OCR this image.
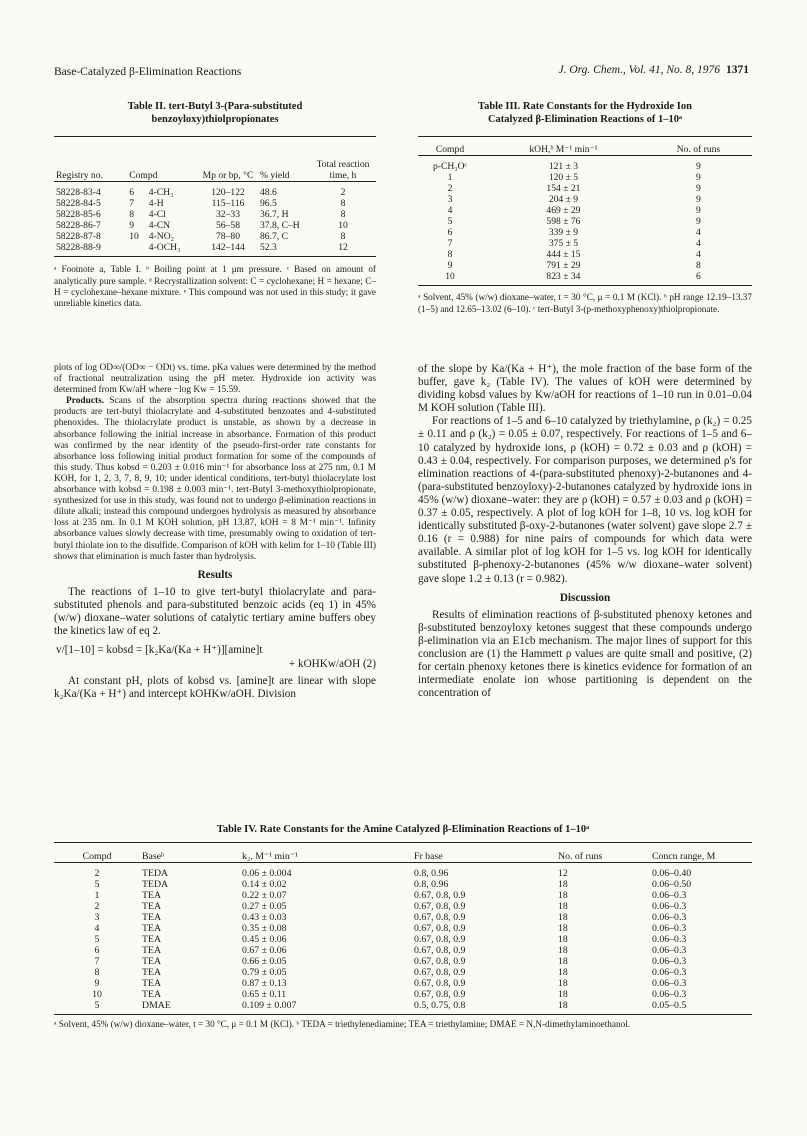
Base-Catalyzed β-Elimination Reactions	J. Org. Chem., Vol. 41, No. 8, 1976 1371
Table II. tert-Butyl 3-(Para-substituted
benzoyloxy)thiolpropionates
Registry no.	Compd		Mp or bp, °C	% yield	Total reaction time, h
58228-83-4	6	4-CH₃	120–122	48.6	2
58228-84-5	7	4-H	115–116	96.5	8
58228-85-6	8	4-Cl	32–33	36.7, H	8
58228-86-7	9	4-CN	56–58	37.8, C–H	10
58228-87-8	10	4-NO₂	78–80	86.7, C	8
58228-88-9		4-OCH₃	142–144	52.3	12
ᵃ Footnote a, Table I. ᵇ Boiling point at 1 μm pressure. ᶜ Based on amount of analytically pure sample. ᵈ Recrystallization solvent: C = cyclohexane; H = hexane; C–H = cyclohexane–hexane mixture. ᵉ This compound was not used in this study; it gave unreliable kinetics data.
Table III. Rate Constants for the Hydroxide Ion
Catalyzed β-Elimination Reactions of 1–10ᵃ
Compd	kOH,ᵇ M⁻¹ min⁻¹	No. of runs
p-CH₃Oᶜ	121 ± 3	9
1	120 ± 5	9
2	154 ± 21	9
3	204 ± 9	9
4	469 ± 29	9
5	598 ± 76	9
6	339 ± 9	4
7	375 ± 5	4
8	444 ± 15	4
9	791 ± 29	8
10	823 ± 34	6
ᵃ Solvent, 45% (w/w) dioxane–water, t = 30 °C, μ = 0.1 M (KCl). ᵇ pH range 12.19–13.37 (1–5) and 12.65–13.02 (6–10). ᶜ tert-Butyl 3-(p-methoxyphenoxy)thiolpropionate.

plots of log OD∞/(OD∞ − ODt) vs. time. pKa values were determined by the method of fractional neutralization using the pH meter. Hydroxide ion activity was determined from Kw/aH where −log Kw = 15.59.

Products. Scans of the absorption spectra during reactions showed that the products are tert-butyl thiolacrylate and 4-substituted benzoates and 4-substituted phenoxides. The thiolacrylate product is unstable, as shown by a decrease in absorbance following the initial increase in absorbance. Formation of this product was confirmed by the near identity of the pseudo-first-order rate constants for absorbance loss following initial product formation for some of the compounds of this study. Thus kobsd = 0.203 ± 0.016 min⁻¹ for absorbance loss at 275 nm, 0.1 M KOH, for 1, 2, 3, 7, 8, 9, 10; under identical conditions, tert-butyl thiolacrylate lost absorbance with kobsd = 0.198 ± 0.003 min⁻¹. tert-Butyl 3-methoxythiolpropionate, synthesized for use in this study, was found not to undergo β-elimination reactions in dilute alkali; instead this compound undergoes hydrolysis as measured by absorbance loss at 235 nm. In 0.1 M KOH solution, pH 13.87, kOH = 8 M⁻¹ min⁻¹. Infinity absorbance values slowly decrease with time, presumably owing to oxidation of tert-butyl thiolate ion to the disulfide. Comparison of kOH with kelim for 1–10 (Table III) shows that elimination is much faster than hydrolysis.

Results

The reactions of 1–10 to give tert-butyl thiolacrylate and para-substituted phenols and para-substituted benzoic acids (eq 1) in 45% (w/w) dioxane–water solutions of catalytic tertiary amine buffers obey the kinetics law of eq 2.

v/[1–10] = kobsd = [k₂Ka/(Ka + H⁺)][amine]t
+ kOHKw/aOH (2)

At constant pH, plots of kobsd vs. [amine]t are linear with slope k₂Ka/(Ka + H⁺) and intercept kOHKw/aOH. Division

of the slope by Ka/(Ka + H⁺), the mole fraction of the base form of the buffer, gave k₂ (Table IV). The values of kOH were determined by dividing kobsd values by Kw/aOH for reactions of 1–10 run in 0.01–0.04 M KOH solution (Table III).

For reactions of 1–5 and 6–10 catalyzed by triethylamine, ρ (k₂) = 0.25 ± 0.11 and ρ (k₂) = 0.05 ± 0.07, respectively. For reactions of 1–5 and 6–10 catalyzed by hydroxide ions, ρ (kOH) = 0.72 ± 0.03 and ρ (kOH) = 0.43 ± 0.04, respectively. For comparison purposes, we determined ρ's for elimination reactions of 4-(para-substituted phenoxy)-2-butanones and 4-(para-substituted benzoyloxy)-2-butanones catalyzed by hydroxide ions in 45% (w/w) dioxane–water: they are ρ (kOH) = 0.57 ± 0.03 and ρ (kOH) = 0.37 ± 0.05, respectively. A plot of log kOH for 1–8, 10 vs. log kOH for identically substituted β-oxy-2-butanones (water solvent) gave slope 2.7 ± 0.16 (r = 0.988) for nine pairs of compounds for which data were available. A similar plot of log kOH for 1–5 vs. log kOH for identically substituted β-phenoxy-2-butanones (45% w/w dioxane–water solvent) gave slope 1.2 ± 0.13 (r = 0.982).

Discussion

Results of elimination reactions of β-substituted phenoxy ketones and β-substituted benzoyloxy ketones suggest that these compounds undergo β-elimination via an E1cb mechanism. The major lines of support for this conclusion are (1) the Hammett ρ values are quite small and positive, (2) for certain phenoxy ketones there is kinetics evidence for formation of an intermediate enolate ion whose partitioning is dependent on the concentration of

Table IV. Rate Constants for the Amine Catalyzed β-Elimination Reactions of 1–10ᵃ
Compd	Baseᵇ	k₂, M⁻¹ min⁻¹	Fr base	No. of runs	Concn range, M
2	TEDA	0.06 ± 0.004	0.8, 0.96	12	0.06–0.40
5	TEDA	0.14 ± 0.02	0.8, 0.96	18	0.06–0.50
1	TEA	0.22 ± 0.07	0.67, 0.8, 0.9	18	0.06–0.3
2	TEA	0.27 ± 0.05	0.67, 0.8, 0.9	18	0.06–0.3
3	TEA	0.43 ± 0.03	0.67, 0.8, 0.9	18	0.06–0.3
4	TEA	0.35 ± 0.08	0.67, 0.8, 0.9	18	0.06–0.3
5	TEA	0.45 ± 0.06	0.67, 0.8, 0.9	18	0.06–0.3
6	TEA	0.67 ± 0.06	0.67, 0.8, 0.9	18	0.06–0.3
7	TEA	0.66 ± 0.05	0.67, 0.8, 0.9	18	0.06–0.3
8	TEA	0.79 ± 0.05	0.67, 0.8, 0.9	18	0.06–0.3
9	TEA	0.87 ± 0.13	0.67, 0.8, 0.9	18	0.06–0.3
10	TEA	0.65 ± 0.11	0.67, 0.8, 0.9	18	0.06–0.3
5	DMAE	0.109 ± 0.007	0.5, 0.75, 0.8	18	0.05–0.5
ᵃ Solvent, 45% (w/w) dioxane–water, t = 30 °C, μ = 0.1 M (KCl). ᵇ TEDA = triethylenediamine; TEA = triethylamine; DMAE = N,N-dimethylaminoethanol.
